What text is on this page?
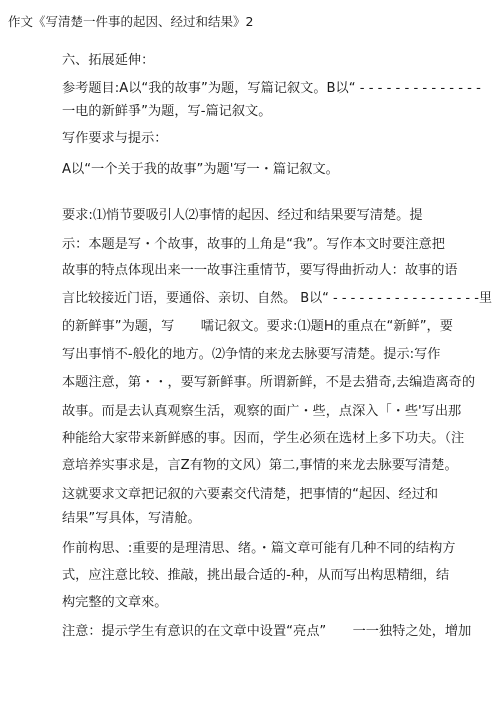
作文《写清楚一件事的起因、经过和结果》2
六、拓展延伸：
参考题目:A以“我的故事”为题，写篇记叙文。B以“ - - - - - - - - - - - - - -
一电的新鲜爭”为题，写-篇记叙文。
写作要求与提示：
A以“一个关于我的故事”为题'写一・篇记叙文。
要求:⑴悄节要吸引人⑵事情的起因、经过和结果要写清楚。提
示：本题是写・个故事，故事的丄角是“我”。写作本文时要注意把
故事的特点体现出来一一故事注重情节，要写得曲折动人：故事的语
言比较接近门语，要通俗、亲切、自然。 B以“ - - - - - - - - - - - - - - - - -里
的新鲜事”为题，写　　嚅记叙文。要求:⑴题H的重点在“新鲜”，要
写出事悄不-般化的地方。⑵争情的来龙去脉要写清楚。提示:写作
本题注意，第・・，要写新鲜事。所谓新鲜，不是去猎奇,去编造离奇的
故事。而是去认真观察生活，观察的面广・些，点深入「・些'写出那
种能给大家带来新鲜感的事。因而，学生必须在选材上多下功夫。（注
意培养实事求是，言Z有物的文风）第二,事情的来龙去脉要写清楚。
这就要求文章把记叙的六要素交代清楚，把事情的“起因、经过和
结果”写具体，写清舱。
作前构思、:重要的是理清思、绪。・篇文章可能有几种不同的结构方
式，应注意比较、推敲，挑出最合适的-种，从而写出构思精细，结
构完整的文章來。
注意：提示学生有意识的在文章中设置“亮点”　　一一独特之处，增加
